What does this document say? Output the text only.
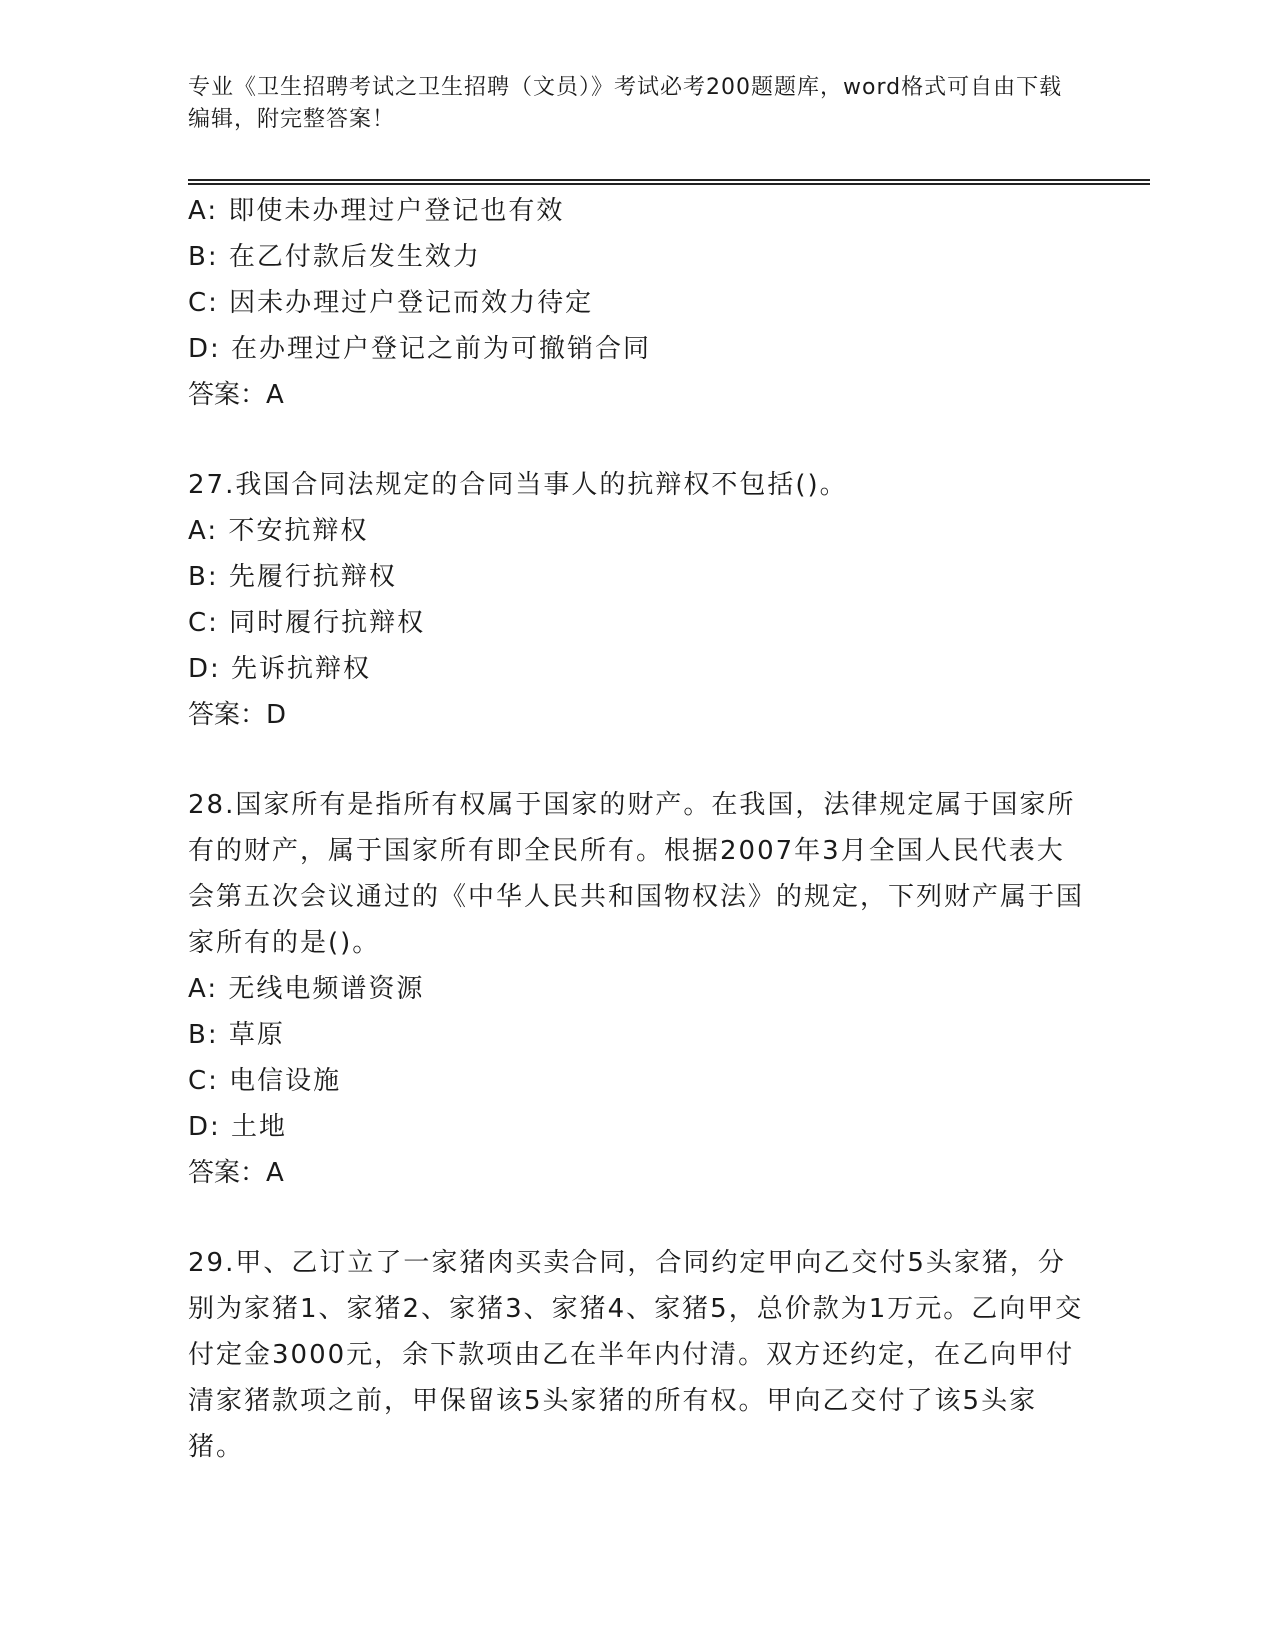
专业《卫生招聘考试之卫生招聘（文员）》考试必考200题题库，word格式可自由下载编辑，附完整答案！
A: 即使未办理过户登记也有效
B: 在乙付款后发生效力
C: 因未办理过户登记而效力待定
D: 在办理过户登记之前为可撤销合同
答案：A
27.我国合同法规定的合同当事人的抗辩权不包括()。
A: 不安抗辩权
B: 先履行抗辩权
C: 同时履行抗辩权
D: 先诉抗辩权
答案：D
28.国家所有是指所有权属于国家的财产。在我国，法律规定属于国家所有的财产，属于国家所有即全民所有。根据2007年3月全国人民代表大会第五次会议通过的《中华人民共和国物权法》的规定，下列财产属于国家所有的是()。
A: 无线电频谱资源
B: 草原
C: 电信设施
D: 土地
答案：A
29.甲、乙订立了一家猪肉买卖合同，合同约定甲向乙交付5头家猪，分别为家猪1、家猪2、家猪3、家猪4、家猪5，总价款为1万元。乙向甲交付定金3000元，余下款项由乙在半年内付清。双方还约定，在乙向甲付清家猪款项之前，甲保留该5头家猪的所有权。甲向乙交付了该5头家猪。
